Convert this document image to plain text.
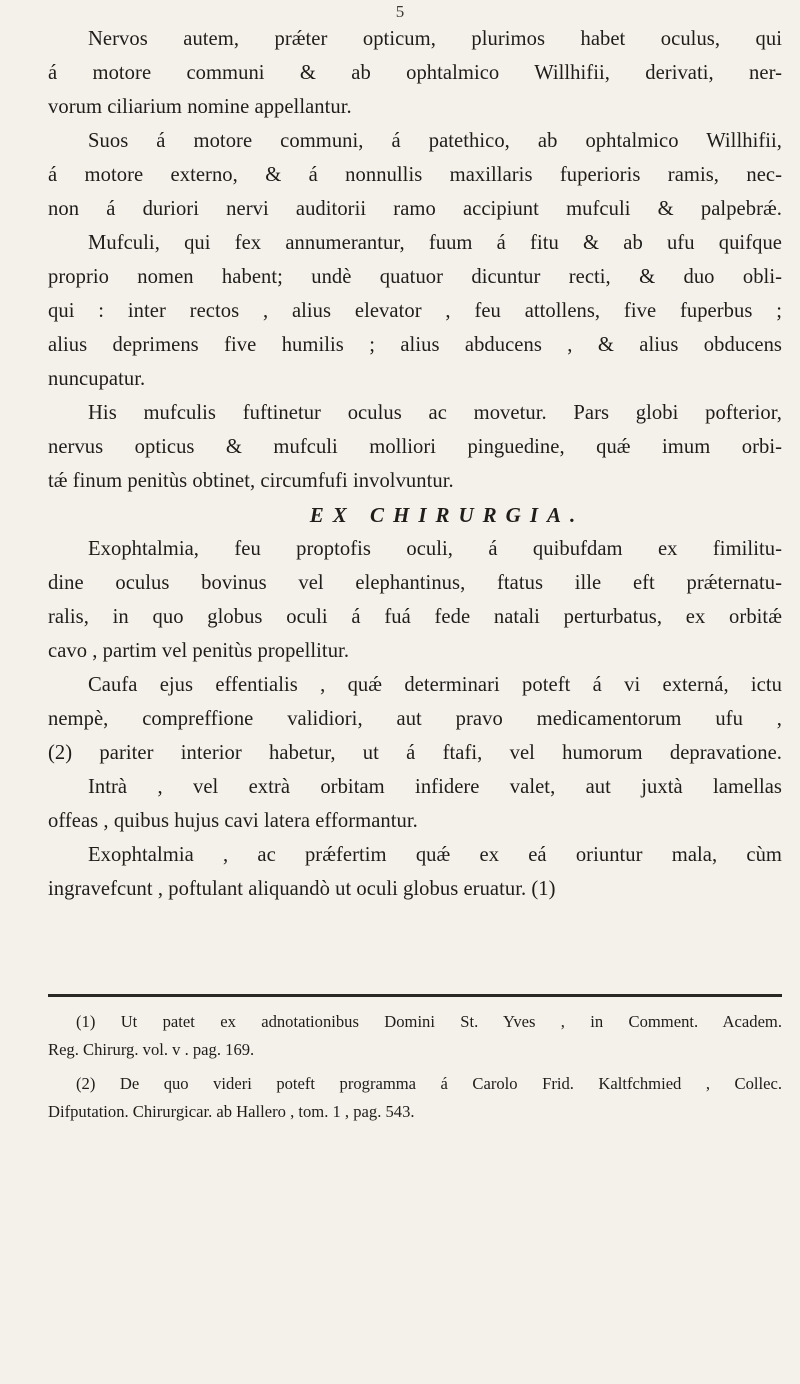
5
Nervos autem, prǽter opticum, plurimos habet oculus, qui
á motore communi & ab ophtalmico Willhifii, derivati, ner-
vorum ciliarium nomine appellantur.
Suos á motore communi, á patethico, ab ophtalmico Willhifii,
á motore externo, & á nonnullis maxillaris fuperioris ramis, nec-
non á duriori nervi auditorii ramo accipiunt mufculi & palpebrǽ.
Mufculi, qui fex annumerantur, fuum á fitu & ab ufu quifque
proprio nomen habent; undè quatuor dicuntur recti, & duo obli-
qui : inter rectos , alius elevator , feu attollens, five fuperbus ;
alius deprimens five humilis ; alius abducens , & alius obducens
nuncupatur.
His mufculis fuftinetur oculus ac movetur. Pars globi pofterior,
nervus opticus & mufculi molliori pinguedine, quǽ imum orbi-
tǽ finum penitùs obtinet, circumfufi involvuntur.
EX CHIRURGIA.
Exophtalmia, feu proptofis oculi, á quibufdam ex fimilitu-
dine oculus bovinus vel elephantinus, ftatus ille eft prǽternatu-
ralis, in quo globus oculi á fuá fede natali perturbatus, ex orbitǽ
cavo , partim vel penitùs propellitur.
Caufa ejus effentialis , quǽ determinari poteft á vi externá, ictu
nempè, compreffione validiori, aut pravo medicamentorum ufu ,
(2) pariter interior habetur, ut á ftafi, vel humorum depravatione.
Intrà , vel extrà orbitam infidere valet, aut juxtà lamellas
offeas , quibus hujus cavi latera efformantur.
Exophtalmia , ac prǽfertim quǽ ex eá oriuntur mala, cùm
ingravefcunt , poftulant aliquandò ut oculi globus eruatur. (1)
(1) Ut patet ex adnotationibus Domini St. Yves , in Comment. Academ.
Reg. Chirurg. vol. v . pag. 169.
(2) De quo videri poteft programma á Carolo Frid. Kaltfchmied , Collec.
Difputation. Chirurgicar. ab Hallero , tom. 1 , pag. 543.
